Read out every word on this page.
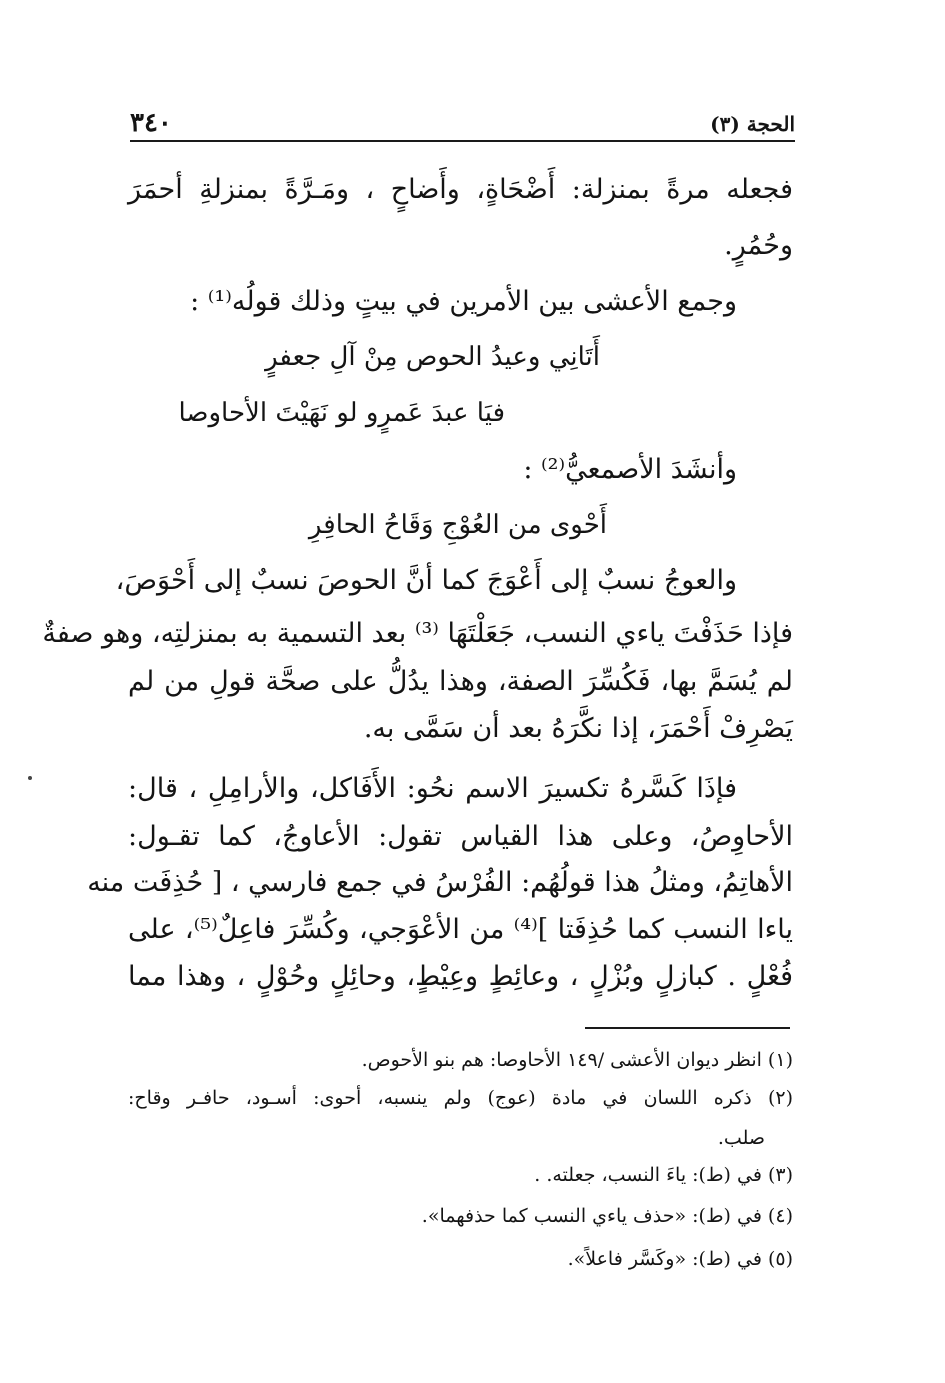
الحجة (٣)
٣٤٠
فجعله مرةً بمنزلة: أَضْحَاةٍ، وأَضاحٍ ، ومَـرَّةً بمنزلةِ أحمَرَ
وحُمُرٍ.
وجمع الأعشى بين الأمرين في بيتٍ وذلك قولُه⁽¹⁾ :
أَتَانِي وعيدُ الحوص مِنْ آلِ جعفرٍ
فيَا عبدَ عَمرٍو لو نَهَيْتَ الأحاوصا
وأنشَدَ الأصمعيُّ⁽²⁾ :
أَحْوى من العُوْجِ وَقَاحُ الحافِرِ
والعوجُ نسبٌ إلى أَعْوَجَ كما أنَّ الحوصَ نسبٌ إلى أَحْوَصَ،
فإذا حَذَفْتَ ياءي النسب، جَعَلْتَهَا ⁽³⁾ بعد التسمية به بمنزلتِه، وهو صفةٌ
لم يُسَمَّ بها، فَكُسِّرَ الصفة، وهذا يدُلُّ على صحَّة قولِ من لم
يَصْرِفْ أَحْمَرَ، إذا نكَّرَهُ بعد أن سَمَّى به.
فإذَا كَسَّرهُ تكسيرَ الاسم نحُو: الأَفَاكل، والأرامِلِ ، قال:
الأحاوِصُ، وعلى هذا القياس تقول: الأعاوجُ، كما تقـول:
الأهاتِمُ، ومثلُ هذا قولُهُم: الفُرْسُ في جمع فارسي ، [ حُذِفَت منه
ياءا النسب كما حُذِفَتا ]⁽⁴⁾ من الأعْوَجي، وكُسِّرَ فاعِلٌ⁽⁵⁾، على
فُعْلٍ . كبازلٍ وبُزْلٍ ، وعائِطٍ وعِيْطٍ، وحائِلٍ وحُوْلٍ ، وهذا مما
(١) انظر ديوان الأعشى /١٤٩ الأحاوصا: هم بنو الأحوص.
(٢) ذكره اللسان في مادة (عوج) ولم ينسبه، أحوى: أسـود، حافـر وقاح:
صلب.
(٣) في (ط): ياءَ النسب، جعلته. .
(٤) في (ط): «حذف ياءي النسب كما حذفهما».
(٥) في (ط): «وكَسَّر فاعلاً».
